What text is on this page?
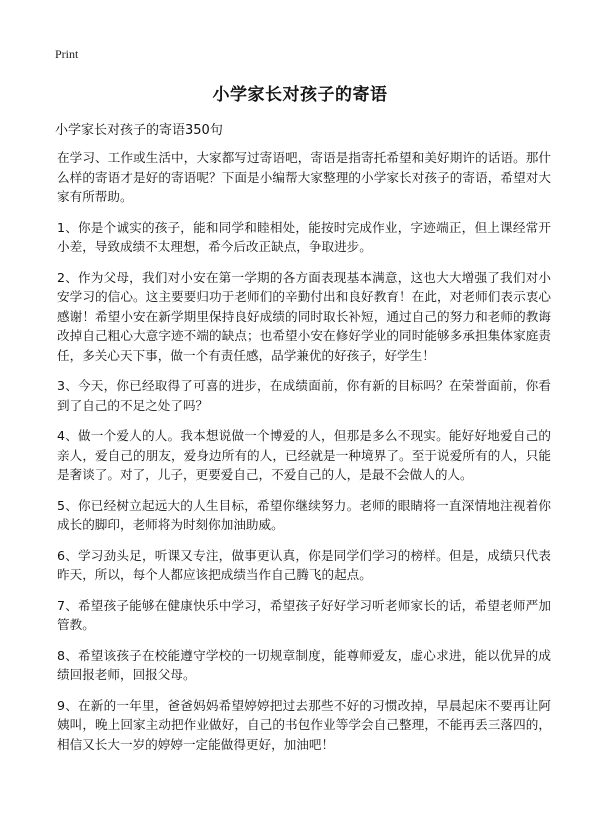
Print
小学家长对孩子的寄语
小学家长对孩子的寄语350句

在学习、工作或生活中，大家都写过寄语吧，寄语是指寄托希望和美好期许的话语。那什么样的寄语才是好的寄语呢？下面是小编帮大家整理的小学家长对孩子的寄语，希望对大家有所帮助。

1、你是个诚实的孩子，能和同学和睦相处，能按时完成作业，字迹端正，但上课经常开小差，导致成绩不太理想，希今后改正缺点，争取进步。

2、作为父母，我们对小安在第一学期的各方面表现基本满意，这也大大增强了我们对小安学习的信心。这主要要归功于老师们的辛勤付出和良好教育！在此，对老师们表示衷心感谢！希望小安在新学期里保持良好成绩的同时取长补短，通过自己的努力和老师的教诲改掉自己粗心大意字迹不端的缺点；也希望小安在修好学业的同时能够多承担集体家庭责任，多关心天下事，做一个有责任感，品学兼优的好孩子，好学生！

3、今天，你已经取得了可喜的进步，在成绩面前，你有新的目标吗？在荣誉面前，你看到了自己的不足之处了吗？

4、做一个爱人的人。我本想说做一个博爱的人，但那是多么不现实。能好好地爱自己的亲人，爱自己的朋友，爱身边所有的人，已经就是一种境界了。至于说爱所有的人，只能是奢谈了。对了，儿子，更要爱自己，不爱自己的人，是最不会做人的人。

5、你已经树立起远大的人生目标，希望你继续努力。老师的眼睛将一直深情地注视着你成长的脚印，老师将为时刻你加油助威。

6、学习劲头足，听课又专注，做事更认真，你是同学们学习的榜样。但是，成绩只代表昨天，所以，每个人都应该把成绩当作自己腾飞的起点。

7、希望孩子能够在健康快乐中学习，希望孩子好好学习听老师家长的话，希望老师严加管教。

8、希望该孩子在校能遵守学校的一切规章制度，能尊师爱友，虚心求进，能以优异的成绩回报老师，回报父母。

9、在新的一年里，爸爸妈妈希望婷婷把过去那些不好的习惯改掉，早晨起床不要再让阿姨叫，晚上回家主动把作业做好，自己的书包作业等学会自己整理，不能再丢三落四的，相信又长大一岁的婷婷一定能做得更好，加油吧！
